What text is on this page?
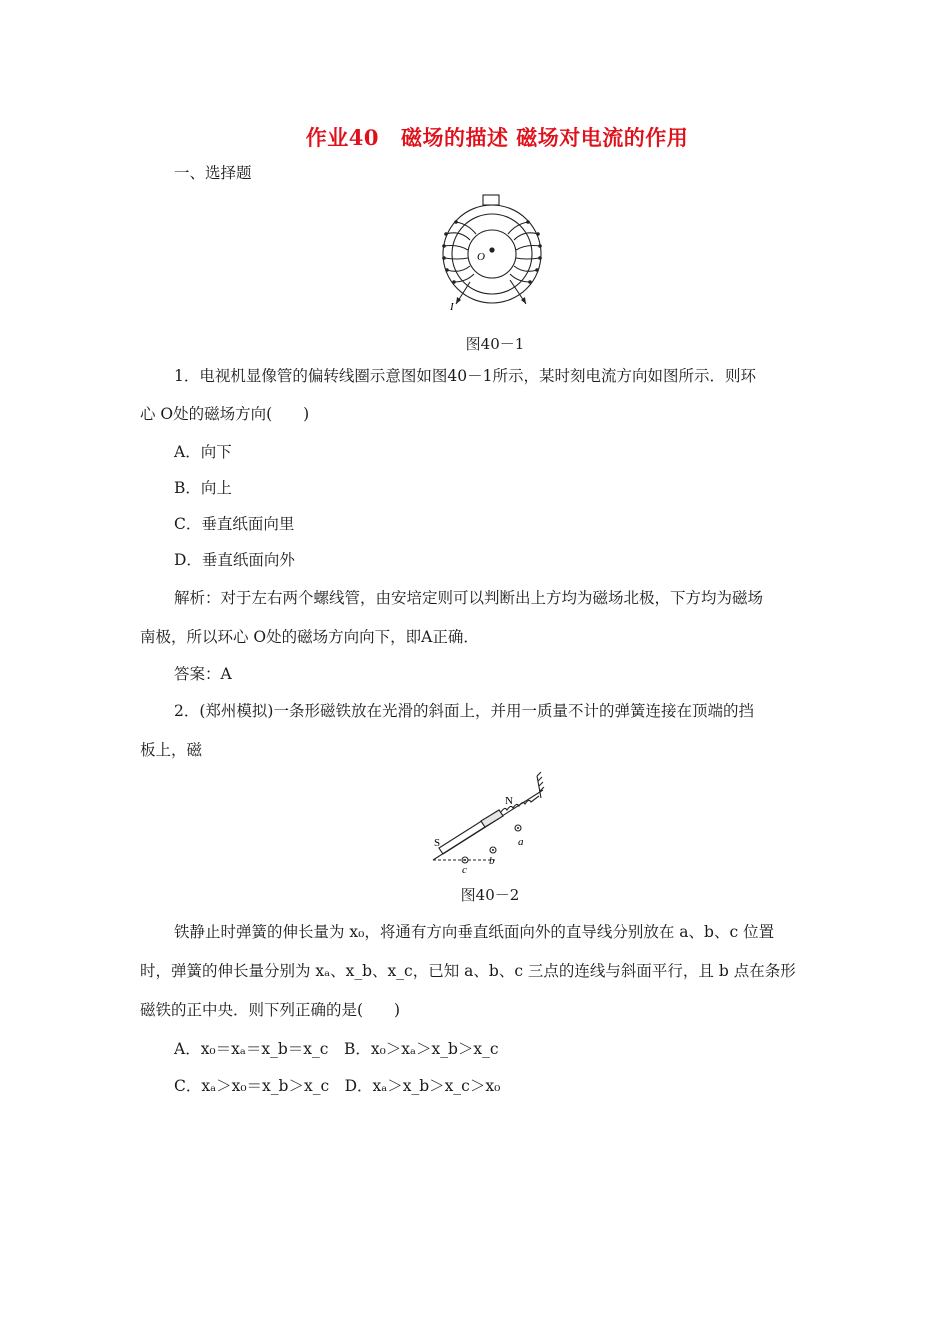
作业40 磁场的描述 磁场对电流的作用
一、选择题
O
I
图40－1
1．电视机显像管的偏转线圈示意图如图40－1所示，某时刻电流方向如图所示．则环
心 O处的磁场方向(　　)
A．向下
B．向上
C．垂直纸面向里
D．垂直纸面向外
解析：对于左右两个螺线管，由安培定则可以判断出上方均为磁场北极，下方均为磁场
南极，所以环心 O处的磁场方向向下，即A正确．
答案：A
2．(郑州模拟)一条形磁铁放在光滑的斜面上，并用一质量不计的弹簧连接在顶端的挡
板上，磁
N
S	a
b
c
图40－2
铁静止时弹簧的伸长量为 x₀，将通有方向垂直纸面向外的直导线分别放在 a、b、c 位置
时，弹簧的伸长量分别为 xₐ、x_b、x_c，已知 a、b、c 三点的连线与斜面平行，且 b 点在条形
磁铁的正中央．则下列正确的是(　　)
A．x₀＝xₐ＝x_b＝x_c　B．x₀＞xₐ＞x_b＞x_c
C．xₐ＞x₀＝x_b＞x_c　D．xₐ＞x_b＞x_c＞x₀
